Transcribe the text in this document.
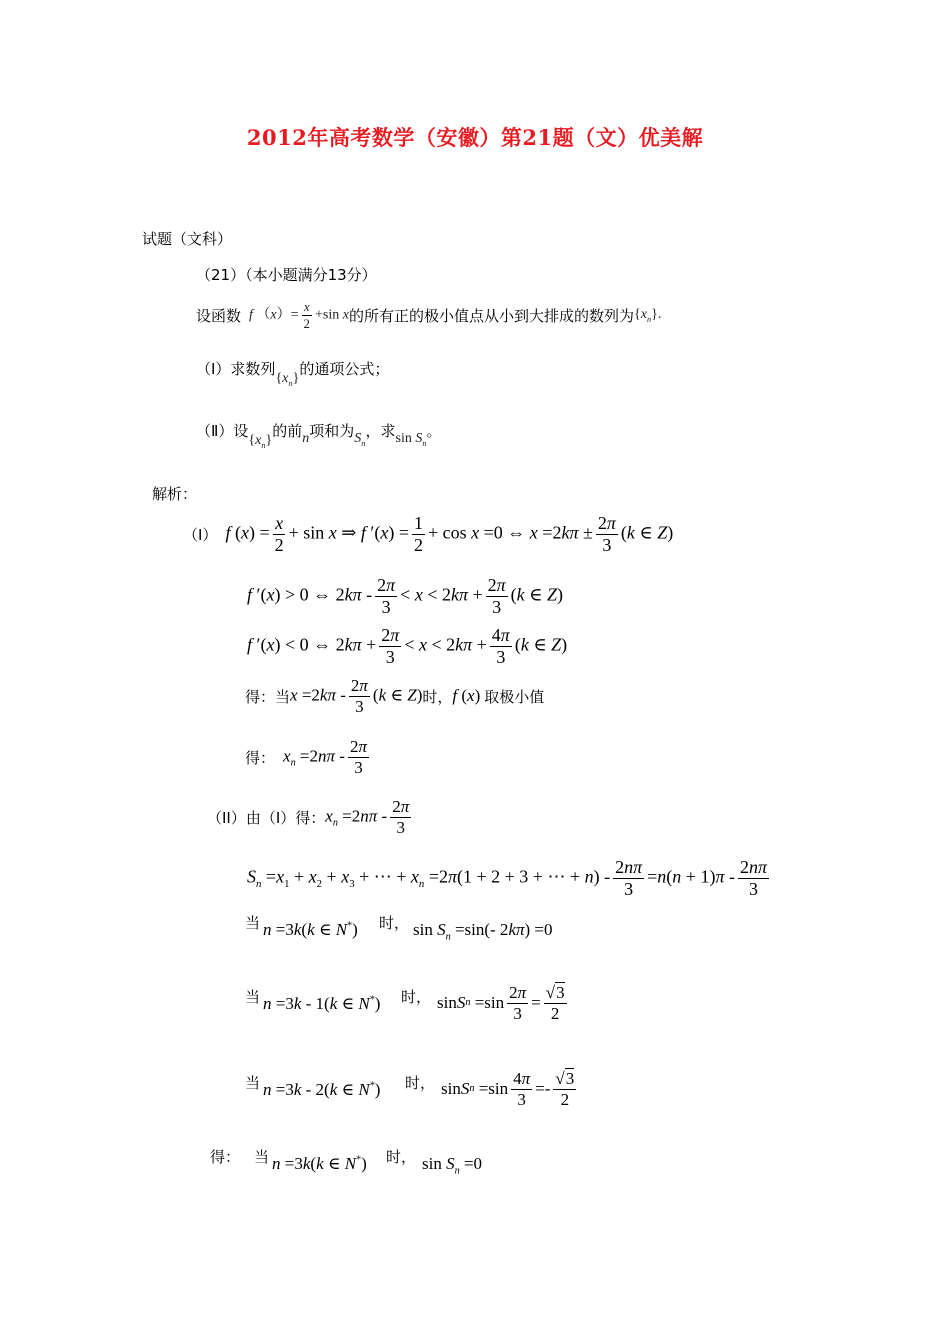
2012年高考数学（安徽）第21题（文）优美解
试题（文科）
（21）（本小题满分13分）
设函数 f $(x)= \frac{x}{2} +\sin$ x 的所有正的极小值点从小到大排成的数列为 $\{x_n\}$.
（Ⅰ）求数列 $\{x_n\}$ 的通项公式；
（Ⅱ）设 $\{x_n\}$ 的前 n 项和为 $S_n$
，求 $\sin S_n$
。
解析：
（I） f $(x) = \frac{x}{2} + \sin x$ ⇒ f $'(x) = \frac{1}{2} + \cos x =0$ ⇔ $x =2k\pi \pm \frac{2\pi}{3} (k$ ∈ Z)
f ′(x) > 0 ⇔ $2k\pi - \frac{2\pi}{3} < x < 2k\pi + \frac{2\pi}{3} (k$ ∈ Z)
f ′(x) < 0 ⇔ $2k\pi + \frac{2\pi}{3} < x < 2k\pi + \frac{4\pi}{3} (k$ ∈ Z)
得：当 $x =2k\pi - \frac{2\pi}{3} (k$ ∈ Z) 时， f (x) 取极小值
得： $x_n =2n\pi - \frac{2\pi}{3}$
（II）由（I）得： $x_n =2n\pi - \frac{2\pi}{3}$
$S_n =x_1 + x_2 + x_3$ + ⋯ + $x_n =2\pi(1 + 2 + 3$ + ⋯ + $n) - \frac{2n\pi}{3} =n(n + 1)\pi - \frac{2n\pi}{3}$
当 n =3k(k ∈ N*) 时， $\sin S_n =\sin(-$ 2kπ) =0
当 n =3k - 1(k ∈ N*) 时， sin S $n =\sin \frac{2\pi}{3} = \frac{√3}{2}$
当 n =3k - 2(k ∈ N*) 时， sin S $n =\sin \frac{4\pi}{3} =- \frac{√3}{2}$
得： 当 n =3k(k ∈ N*) 时， $\sin S_n =0$
